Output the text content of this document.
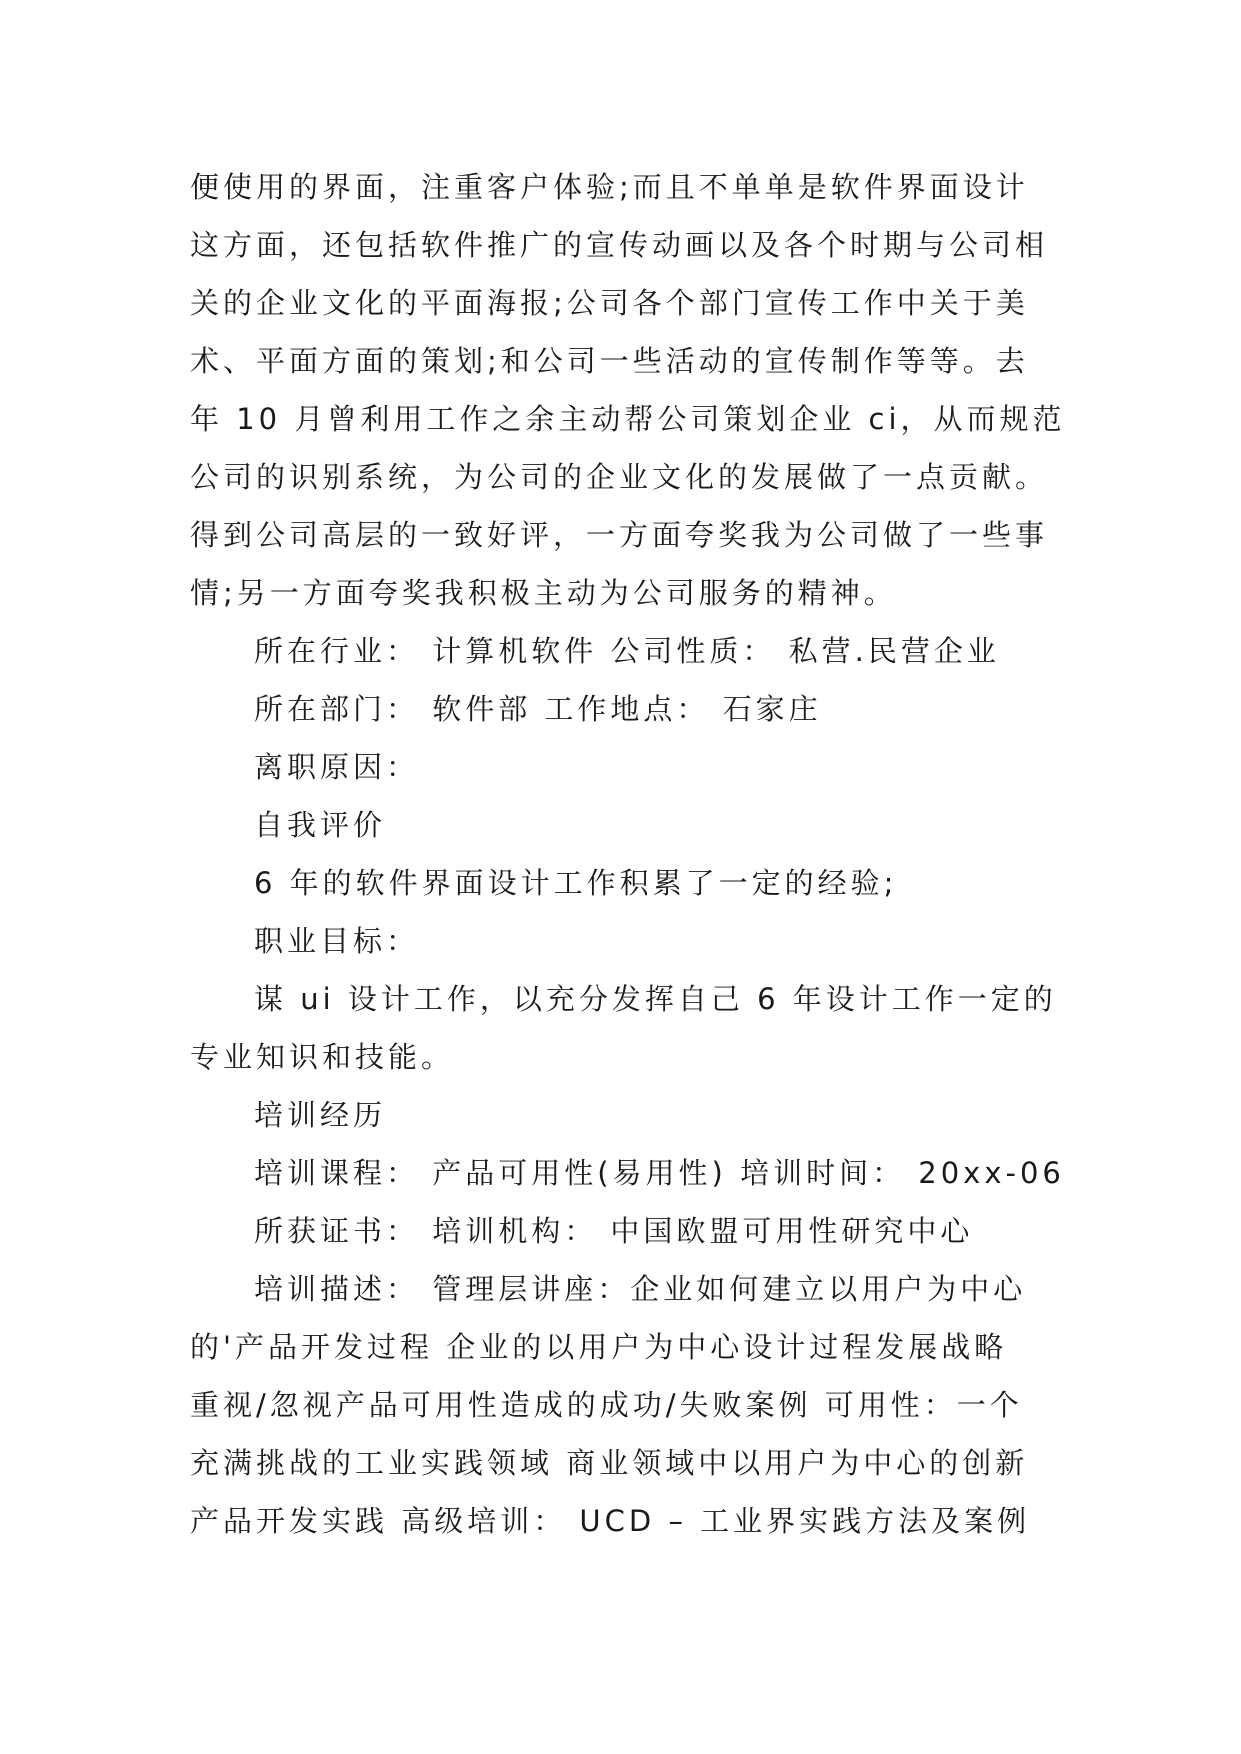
便使用的界面，注重客户体验;而且不单单是软件界面设计

这方面，还包括软件推广的宣传动画以及各个时期与公司相

关的企业文化的平面海报;公司各个部门宣传工作中关于美

术、平面方面的策划;和公司一些活动的宣传制作等等。去

年 10 月曾利用工作之余主动帮公司策划企业 ci，从而规范

公司的识别系统，为公司的企业文化的发展做了一点贡献。

得到公司高层的一致好评，一方面夸奖我为公司做了一些事

情;另一方面夸奖我积极主动为公司服务的精神。

所在行业： 计算机软件 公司性质： 私营.民营企业

所在部门： 软件部 工作地点： 石家庄

离职原因：

自我评价

6 年的软件界面设计工作积累了一定的经验;

职业目标：

谋 ui 设计工作，以充分发挥自己 6 年设计工作一定的

专业知识和技能。

培训经历

培训课程： 产品可用性(易用性) 培训时间： 20xx-06

所获证书： 培训机构： 中国欧盟可用性研究中心

培训描述： 管理层讲座：企业如何建立以用户为中心

的'产品开发过程 企业的以用户为中心设计过程发展战略

重视/忽视产品可用性造成的成功/失败案例 可用性：一个

充满挑战的工业实践领域 商业领域中以用户为中心的创新

产品开发实践 高级培训： UCD – 工业界实践方法及案例
